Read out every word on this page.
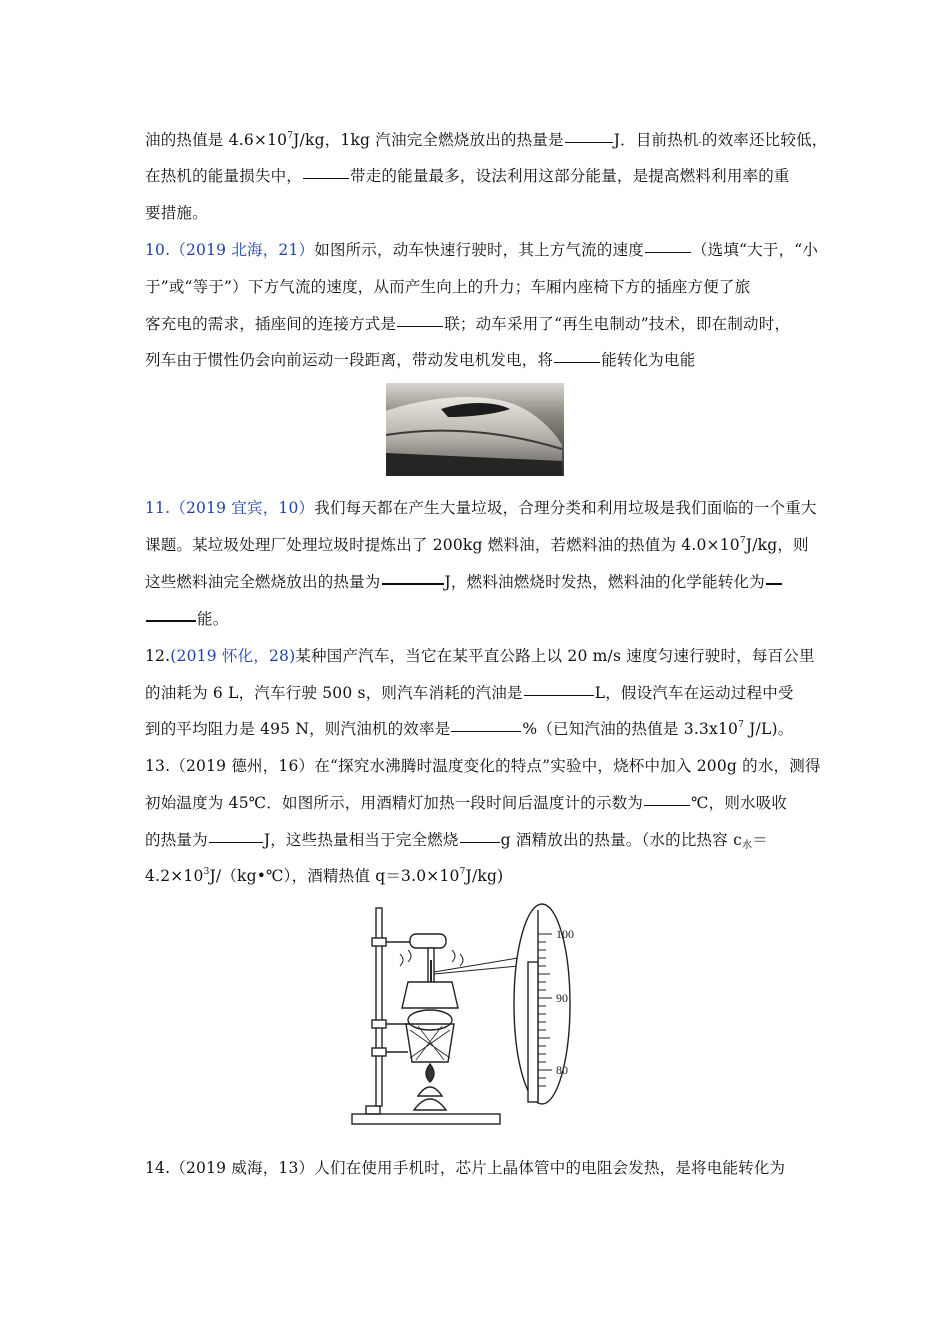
油的热值是 $4.6\times 10^7J/kg$，1kg 汽油完全燃烧放出的热量是	J．目前热机-的效率还比较低，
在热机的能量损失中，	带走的能量最多，设法利用这部分能量，是提高燃料利用率的重
要措施。
10.（2019 北海，21）如图所示，动车快速行驶时，其上方气流的速度	（选填“大于，“小
于”或“等于”）下方气流的速度，从而产生向上的升力；车厢内座椅下方的插座方便了旅
客充电的需求，插座间的连接方式是	联；动车采用了“再生电制动”技术，即在制动时，
列车由于惯性仍会向前运动一段距离，带动发电机发电，将	能转化为电能
11.（2019 宜宾，10）我们每天都在产生大量垃圾，合理分类和利用垃圾是我们面临的一个重大
课题。某垃圾处理厂处理垃圾时提炼出了 200kg 燃料油，若燃料油的热值为 $4.0\times 10^7J/kg$，则
这些燃料油完全燃烧放出的热量为	J，燃料油燃烧时发热，燃料油的化学能转化为
能。
12.(2019 怀化，28)某种国产汽车，当它在某平直公路上以 20 m/s 速度匀速行驶时，每百公里
的油耗为 6 L，汽车行驶 500 s，则汽车消耗的汽油是	L，假设汽车在运动过程中受
到的平均阻力是 495 N，则汽油机的效率是	%（已知汽油的热值是 $3.3x10^7$ J/L)。
13.（2019 德州，16）在“探究水沸腾时温度变化的特点”实验中，烧杯中加入 200g 的水，测得
初始温度为 45℃．如图所示，用酒精灯加热一段时间后温度计的示数为	℃，则水吸收
的热量为	J，这些热量相当于完全燃烧	g 酒精放出的热量。（水的比热容 $c_水=$
$4.2\times 10^3J/(kg•℃)$，酒精热值 $q=3.0\times 10^7J/kg$)
100
90
80
14.（2019 威海，13）人们在使用手机时，芯片上晶体管中的电阻会发热，是将电能转化为
